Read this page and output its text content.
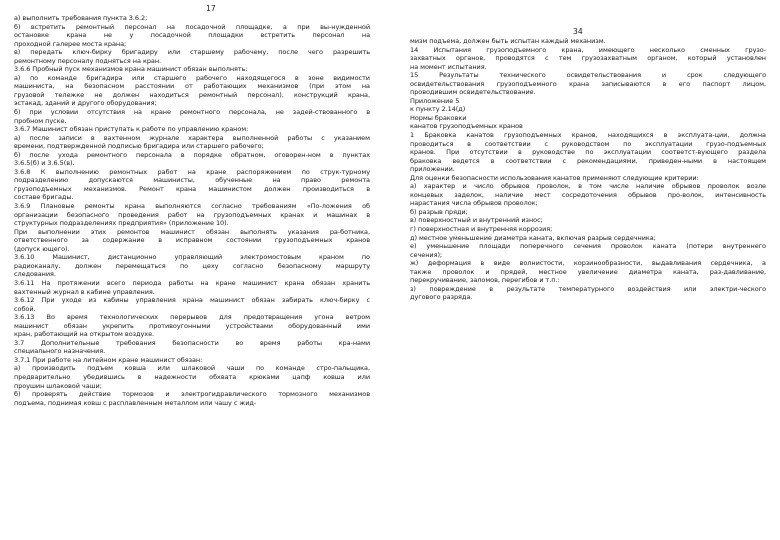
17
а) выполнить требования пункта 3.6.2;
б) встретить ремонтный персонал на посадочной площадке, а при вы-нужденной
остановке крана не у посадочной площадки встретить персонал на
проходной галерее моста крана;
в) передать ключ-бирку бригадиру или старшему рабочему, после чего разрешить
ремонтному персоналу подняться на кран.
3.6.6 Пробный пуск механизмов крана машинист обязан выполнять:
а) по команде бригадира или старшего рабочего находящегося в зоне видимости
машиниста, на безопасном расстоянии от работающих механизмов (при этом на
грузовой тележке не должен находиться ремонтный персонал), конструкций крана,
эстакад, зданий и другого оборудования;
б) при условии отсутствия на кране ремонтного персонала, не задей-ствованного в
пробном пуске.
3.6.7 Машинист обязан приступать к работе по управлению краном:
а) после записи в вахтенном журнале характера выполненной работы с указанием
времени, подтвержденной подписью бригадира или старшего рабочего;
б) после ухода ремонтного персонала в порядке обратном, оговорен-ном в пунктах
3.6.5(б) и 3.6.5(в).
3.6.8 К выполнению ремонтных работ на кране распоряжением по струк-турному
подразделению допускаются машинисты, обученные на право ремонта
грузоподъемных механизмов. Ремонт крана машинистом должен производиться в
составе бригады.
3.6.9 Плановые ремонты крана выполняются согласно требованиям «По-ложения об
организации безопасного проведения работ на грузоподъемных кранах и машинах в
структурных подразделениях предприятия» (приложение 10).
При выполнении этих ремонтов машинист обязан выполнять указания ра-ботника,
ответственного за содержание в исправном состоянии грузоподъемных кранов
(допуск ющего).
3.6.10 Машинист, дистанционно управляющий электромостовым краном по
радиоканалу, должен перемещаться по цеху согласно безопасному маршруту
следования.
3.6.11 На протяжении всего периода работы на кране машинист крана обязан хранить
вахтенный журнал в кабине управления.
3.6.12 При уходе из кабины управления крана машинист обязан забирать ключ-бирку с
собой.
3.6.13 Во время технологических перерывов для предотвращения угона ветром
машинист обязан укрепить противоугонными устройствами оборудованный ими
кран, работающий на открытом воздухе.
3.7 Дополнительные требования безопасности во время работы кра-нами
специального назначения.
3.7.1 При работе на литейном кране машинист обязан:
а) производить подъем ковша или шлаковой чаши по команде стро-пальщика,
предварительно убедившись в надежности обхвата крюками цапф ковша или
проушин шлаковой чаши;
б) проверять действие тормозов и электрогидравлического тормозного механизмов
подъема, поднимая ковш с расплавленным металлом или чашу с жид-
34
мизм подъема, должен быть испытан каждый механизм.
14 Испытания грузоподъемного крана, имеющего несколько сменных грузо-
захватных органов, проводятся с тем грузозахватным органом, который установлен
на момент испытания.
15 Результаты технического освидетельствования и срок следующего
освидетельствования грузоподъемного крана записываются в его паспорт лицом,
проводившим освидетельствование.
Приложение 5
к пункту 2.14(д)
Нормы браковки
канатов грузоподъемных кранов
1 Браковка канатов грузоподъемных кранов, находящихся в эксплуата-ции, должна
проводиться в соответствии с руководством по эксплуатации грузо-подъемных
кранов. При отсутствии в руководстве по эксплуатации соответст-вующего раздела
браковка ведется в соответствии с рекомендациями, приведен-ными в настоящем
приложении.
Для оценки безопасности использования канатов применяют следующие критерии:
а) характер и число обрывов проволок, в том числе наличие обрывов проволок возле
концевых заделок, наличие мест сосредоточения обрывов про-волок, интенсивность
нарастания числа обрывов проволок;
б) разрыв пряди;
в) поверхностный и внутренний износ;
г) поверхностная и внутренняя коррозия;
д) местное уменьшение диаметра каната, включая разрыв сердечника;
е) уменьшение площади поперечного сечения проволок каната (потери внутреннего
сечения);
ж) деформация в виде волнистости, корзинообразности, выдавливания сердечника, а
также проволок и прядей, местное увеличение диаметра каната, раз-давливание,
перекручивание, заломов, перегибов и т.п.:
з) повреждение в результате температурного воздействия или электри-ческого
дугового разряда.
